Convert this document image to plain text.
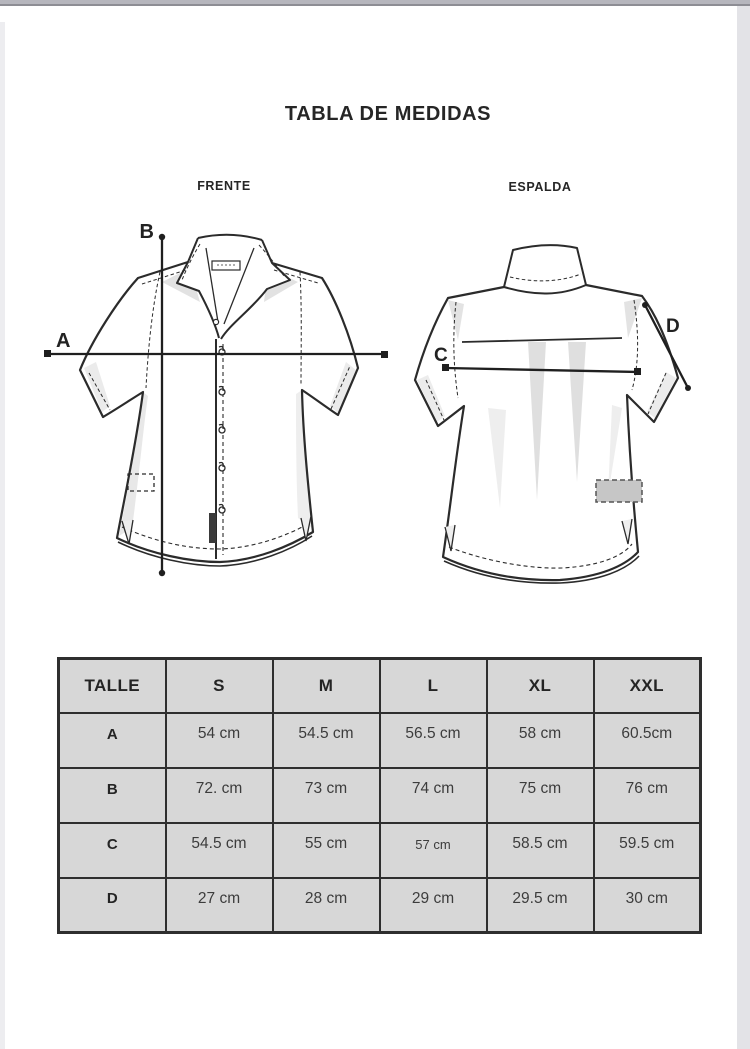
TABLA DE MEDIDAS
FRENTE	ESPALDA
A
B
C
D
TALLE	S	M	L	XL	XXL
A	54 cm	54.5 cm	56.5 cm	58 cm	60.5cm
B	72. cm	73 cm	74 cm	75 cm	76 cm
C	54.5 cm	55 cm	57 cm	58.5 cm	59.5 cm
D	27 cm	28 cm	29 cm	29.5 cm	30 cm
